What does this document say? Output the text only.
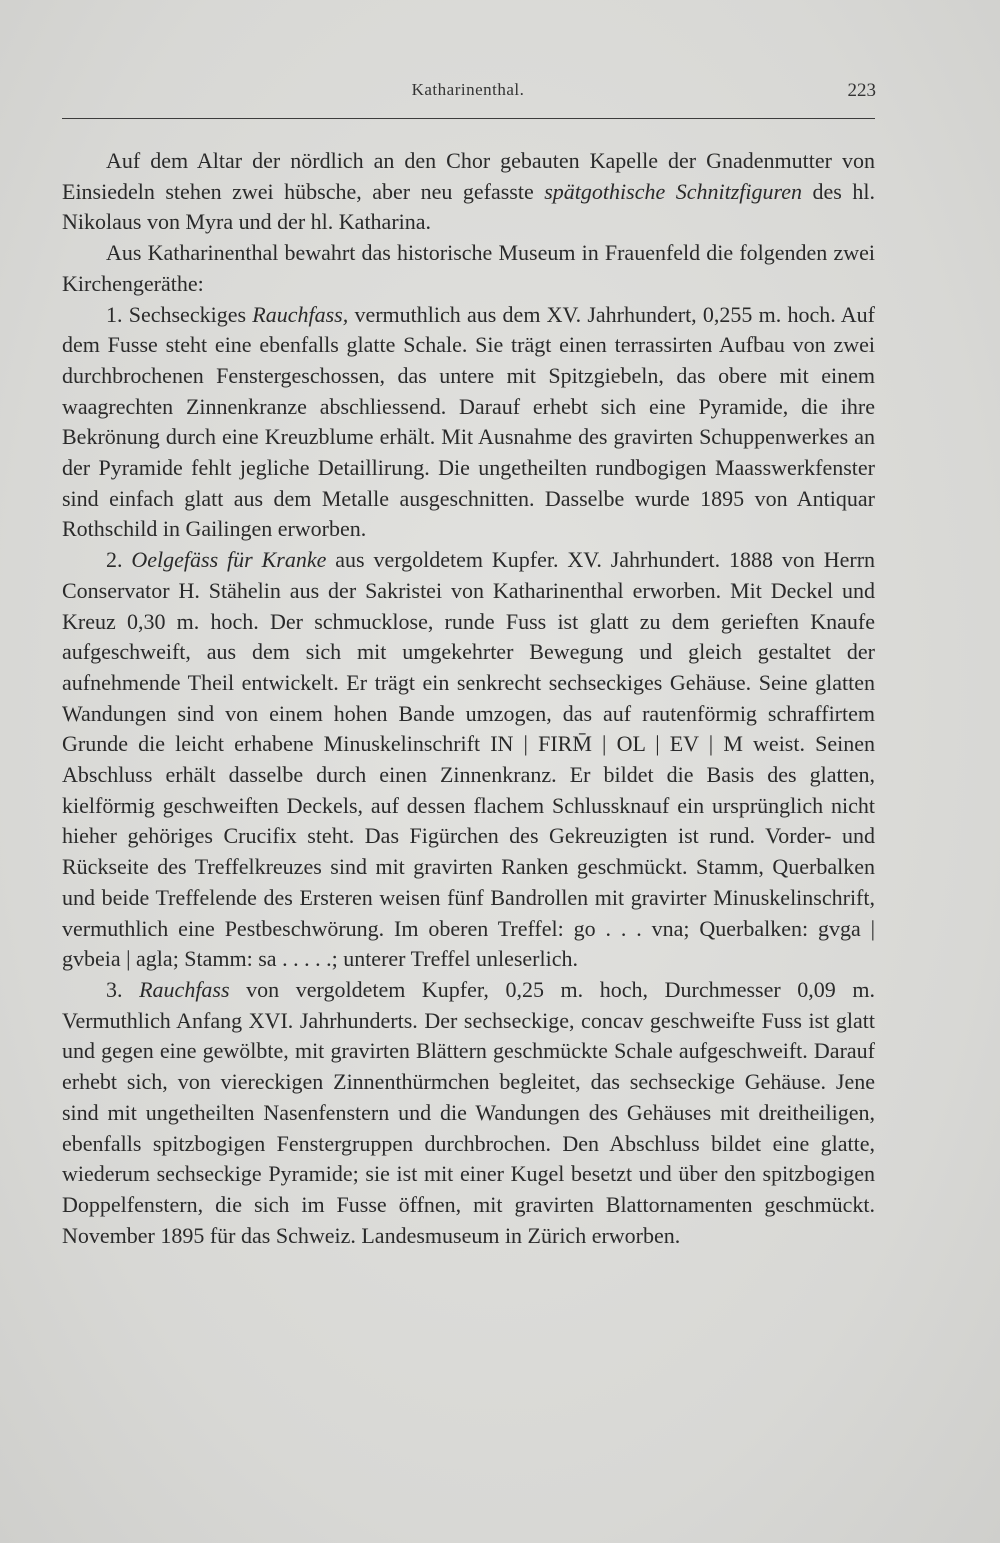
Katharinenthal.	223

Auf dem Altar der nördlich an den Chor gebauten Kapelle der Gnadenmutter von Einsiedeln stehen zwei hübsche, aber neu gefasste spätgothische Schnitzfiguren des hl. Nikolaus von Myra und der hl. Katharina.

Aus Katharinenthal bewahrt das historische Museum in Frauenfeld die folgenden zwei Kirchengeräthe:

1. Sechseckiges Rauchfass, vermuthlich aus dem XV. Jahrhundert, 0,255 m. hoch. Auf dem Fusse steht eine ebenfalls glatte Schale. Sie trägt einen terrassirten Aufbau von zwei durchbrochenen Fenstergeschossen, das untere mit Spitzgiebeln, das obere mit einem waagrechten Zinnenkranze abschliessend. Darauf erhebt sich eine Pyramide, die ihre Bekrönung durch eine Kreuzblume erhält. Mit Ausnahme des gravirten Schuppenwerkes an der Pyramide fehlt jegliche Detaillirung. Die ungetheilten rundbogigen Maasswerkfenster sind einfach glatt aus dem Metalle ausgeschnitten. Dasselbe wurde 1895 von Antiquar Rothschild in Gailingen erworben.

2. Oelgefäss für Kranke aus vergoldetem Kupfer. XV. Jahrhundert. 1888 von Herrn Conservator H. Stähelin aus der Sakristei von Katharinenthal erworben. Mit Deckel und Kreuz 0,30 m. hoch. Der schmucklose, runde Fuss ist glatt zu dem gerieften Knaufe aufgeschweift, aus dem sich mit umgekehrter Bewegung und gleich gestaltet der aufnehmende Theil entwickelt. Er trägt ein senkrecht sechseckiges Gehäuse. Seine glatten Wandungen sind von einem hohen Bande umzogen, das auf rautenförmig schraffirtem Grunde die leicht erhabene Minuskelinschrift IN | FIRM̄ | OL | EV | M weist. Seinen Abschluss erhält dasselbe durch einen Zinnenkranz. Er bildet die Basis des glatten, kielförmig geschweiften Deckels, auf dessen flachem Schlussknauf ein ursprünglich nicht hieher gehöriges Crucifix steht. Das Figürchen des Gekreuzigten ist rund. Vorder- und Rückseite des Treffelkreuzes sind mit gravirten Ranken geschmückt. Stamm, Querbalken und beide Treffelende des Ersteren weisen fünf Bandrollen mit gravirter Minuskelinschrift, vermuthlich eine Pestbeschwörung. Im oberen Treffel: go . . . vna; Querbalken: gvga | gvbeia | agla; Stamm: sa . . . . .; unterer Treffel unleserlich.

3. Rauchfass von vergoldetem Kupfer, 0,25 m. hoch, Durchmesser 0,09 m. Vermuthlich Anfang XVI. Jahrhunderts. Der sechseckige, concav geschweifte Fuss ist glatt und gegen eine gewölbte, mit gravirten Blättern geschmückte Schale aufgeschweift. Darauf erhebt sich, von viereckigen Zinnenthürmchen begleitet, das sechseckige Gehäuse. Jene sind mit ungetheilten Nasenfenstern und die Wandungen des Gehäuses mit dreitheiligen, ebenfalls spitzbogigen Fenstergruppen durchbrochen. Den Abschluss bildet eine glatte, wiederum sechseckige Pyramide; sie ist mit einer Kugel besetzt und über den spitzbogigen Doppelfenstern, die sich im Fusse öffnen, mit gravirten Blattornamenten geschmückt. November 1895 für das Schweiz. Landesmuseum in Zürich erworben.
